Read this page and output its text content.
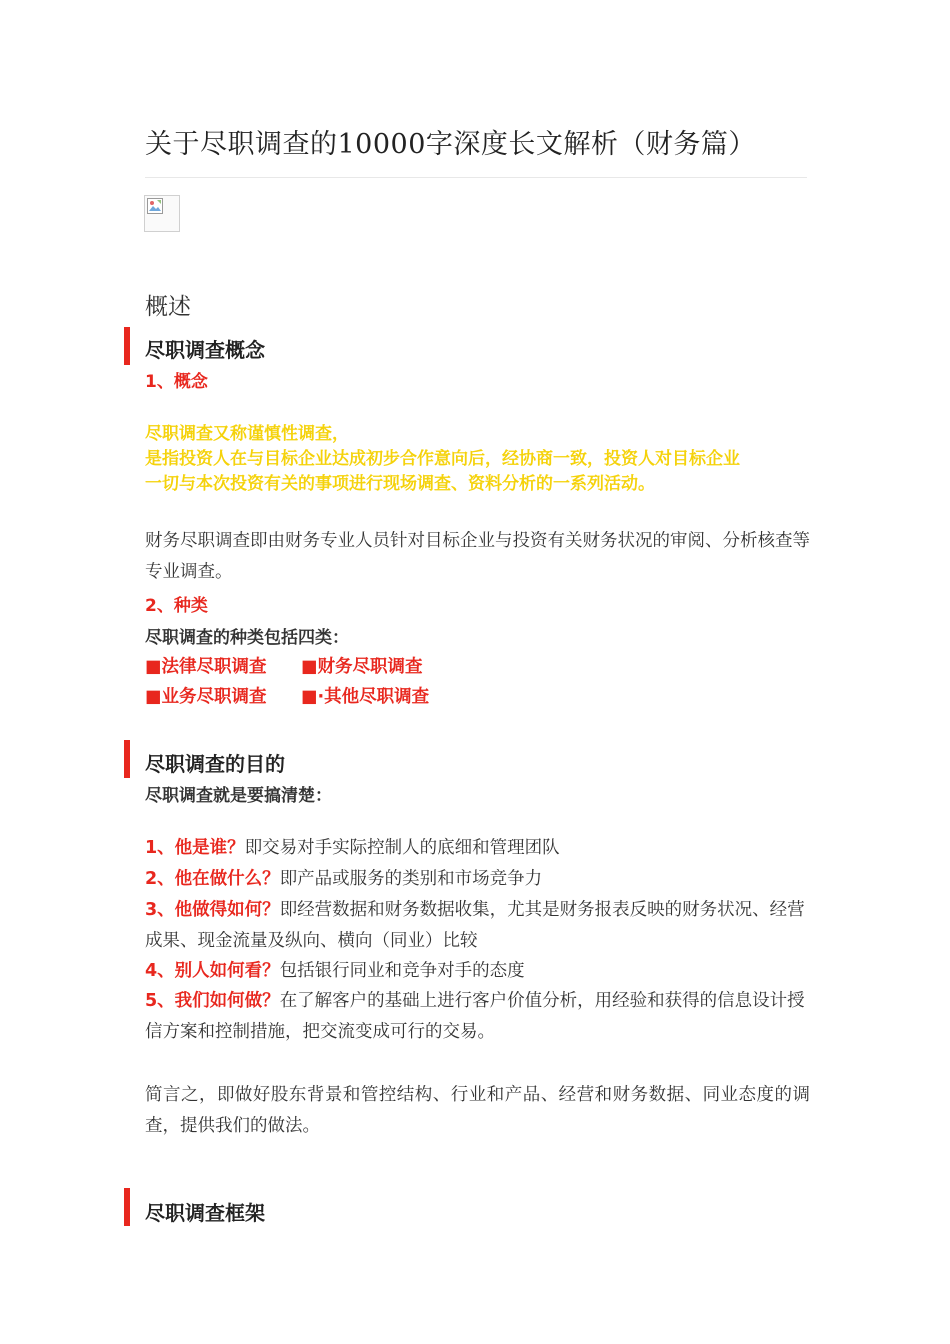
关于尽职调查的10000字深度长文解析（财务篇）
概述
尽职调查概念
1、概念
尽职调查又称谨慎性调查，
是指投资人在与目标企业达成初步合作意向后，经协商一致，投资人对目标企业
一切与本次投资有关的事项进行现场调查、资料分析的一系列活动。
财务尽职调查即由财务专业人员针对目标企业与投资有关财务状况的审阅、分析核查等专业调查。
2、种类
尽职调查的种类包括四类：
■法律尽职调查 ■财务尽职调查
■业务尽职调查 ■·其他尽职调查
尽职调查的目的
尽职调查就是要搞清楚：
1、他是谁？即交易对手实际控制人的底细和管理团队
2、他在做什么？即产品或服务的类别和市场竞争力
3、他做得如何？即经营数据和财务数据收集，尤其是财务报表反映的财务状况、经营成果、现金流量及纵向、横向（同业）比较
4、别人如何看？包括银行同业和竞争对手的态度
5、我们如何做？在了解客户的基础上进行客户价值分析，用经验和获得的信息设计授信方案和控制措施，把交流变成可行的交易。
简言之，即做好股东背景和管控结构、行业和产品、经营和财务数据、同业态度的调查，提供我们的做法。
尽职调查框架
